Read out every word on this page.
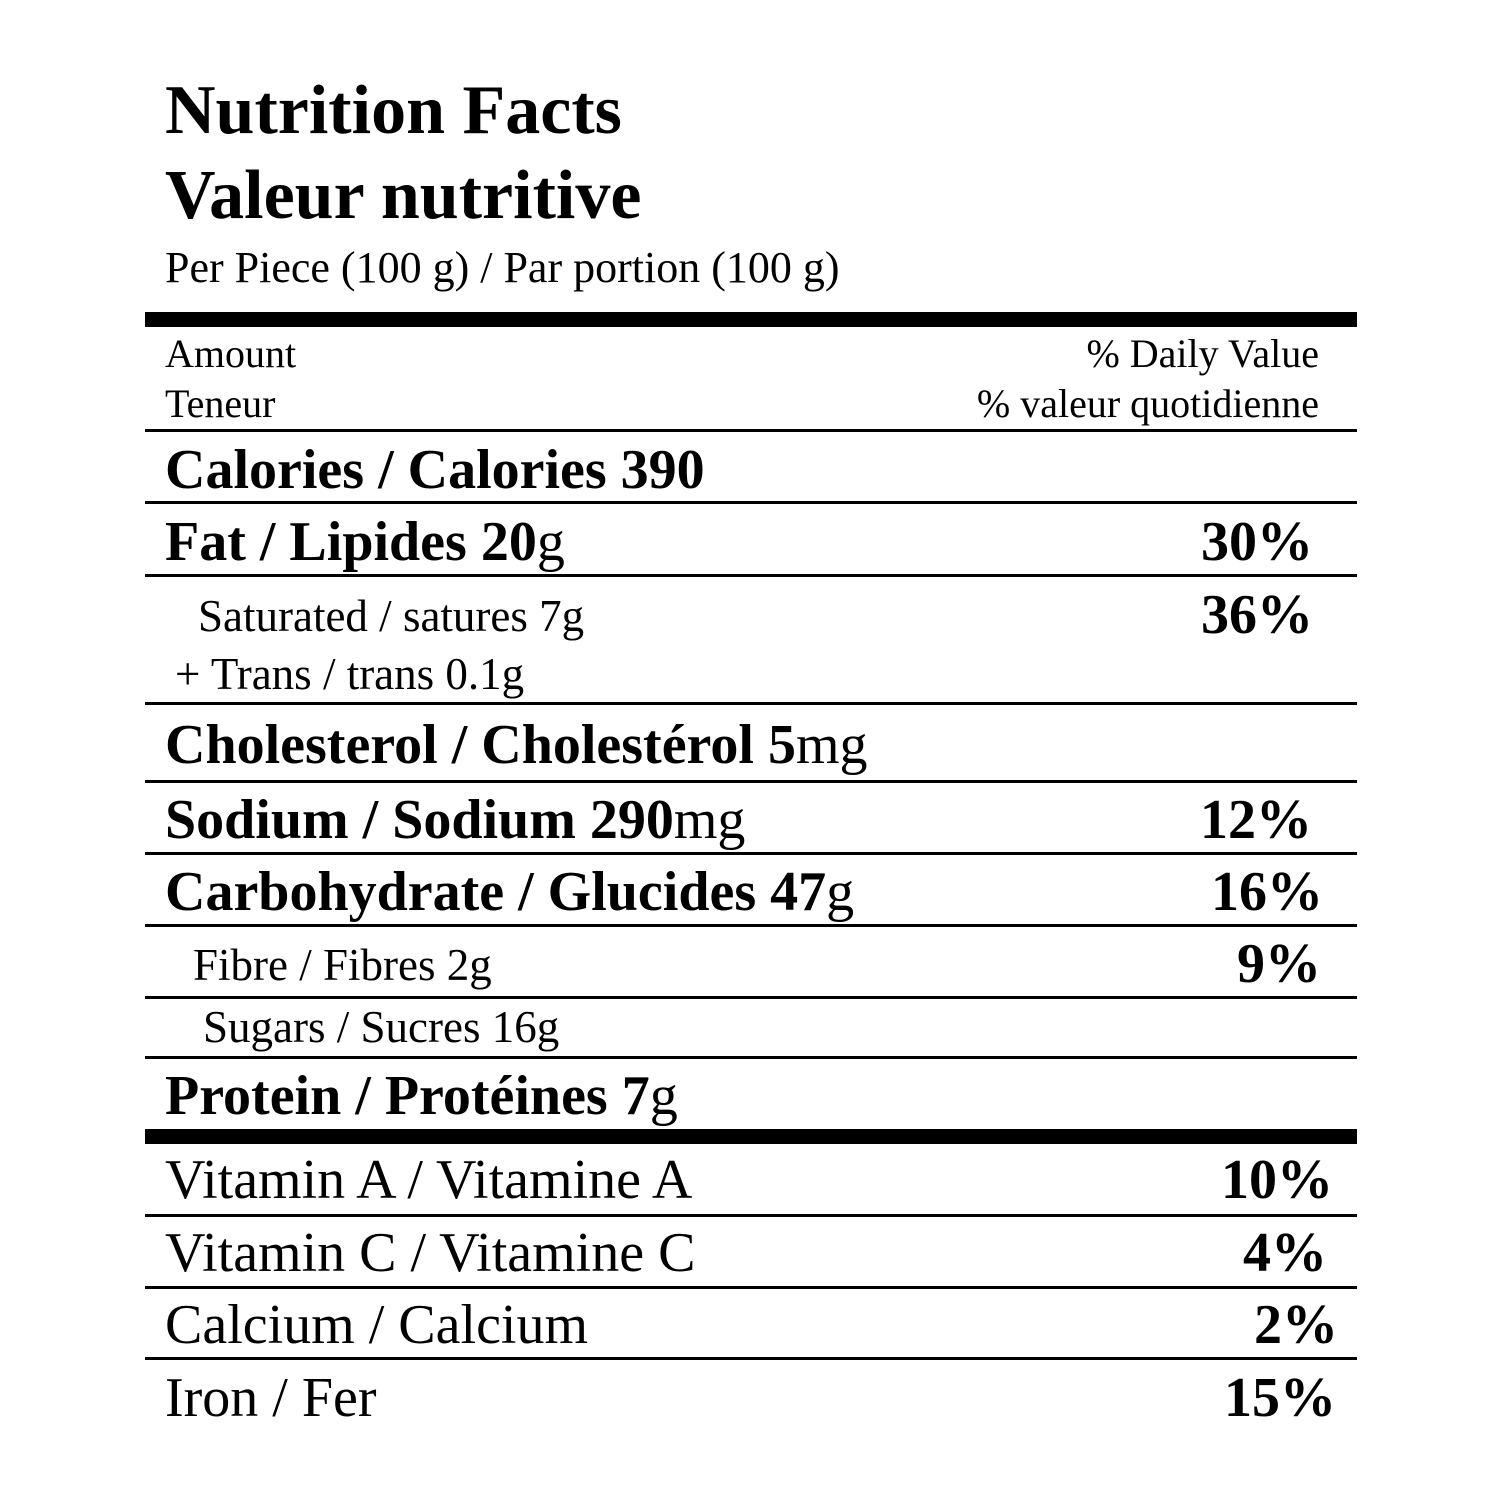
Nutrition Facts
Valeur nutritive
Per Piece (100 g) / Par portion (100 g)
Amount
Teneur
% Daily Value
% valeur quotidienne
Calories / Calories 390
Fat / Lipides 20g	30%
Saturated / satures 7g	36%
+ Trans / trans 0.1g
Cholesterol / Cholestérol 5mg
Sodium / Sodium 290mg	12%
Carbohydrate / Glucides 47g	16%
Fibre / Fibres 2g	9%
Sugars / Sucres 16g
Protein / Protéines 7g
Vitamin A / Vitamine A	10%
Vitamin C / Vitamine C	4%
Calcium / Calcium	2%
Iron / Fer	15%
